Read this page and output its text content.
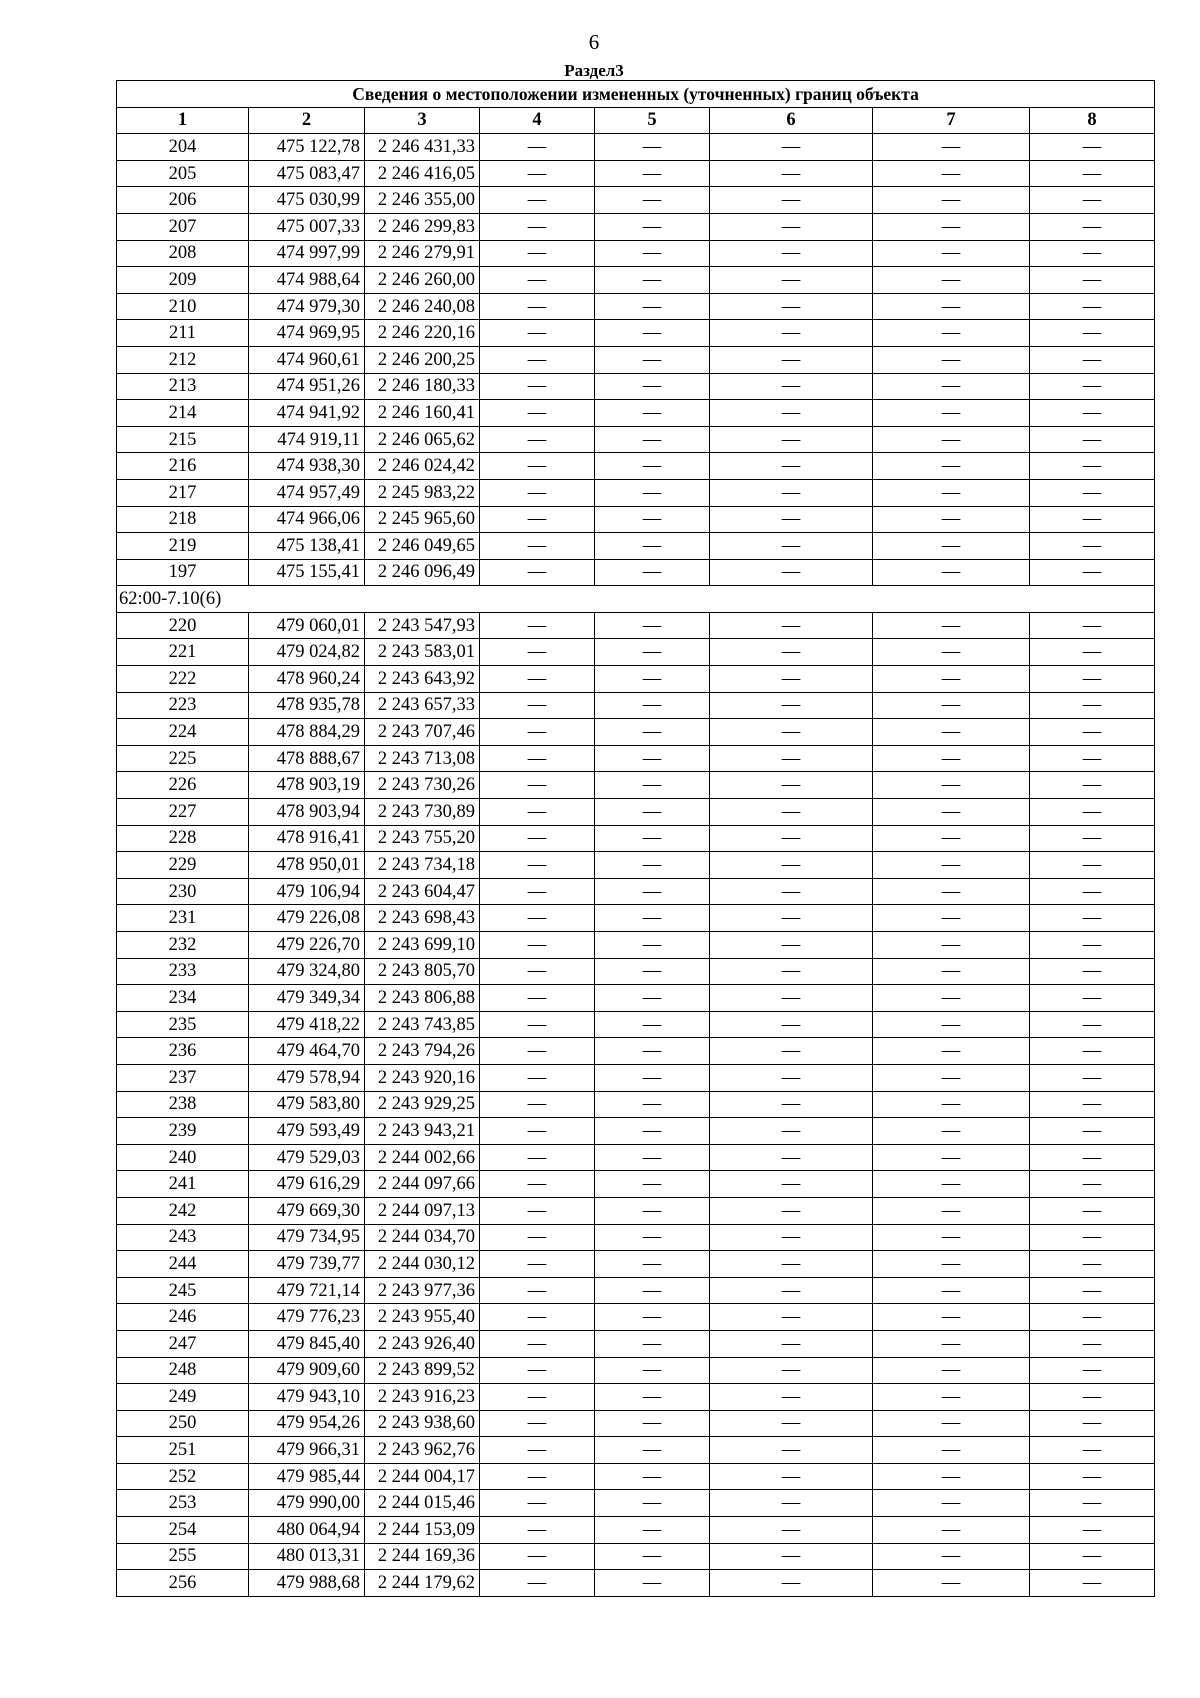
6
Раздел3
Сведения о местоположении измененных (уточненных) границ объекта							
1	2	3	4	5	6	7	8
204	475 122,78	2 246 431,33	—	—	—	—	—
205	475 083,47	2 246 416,05	—	—	—	—	—
206	475 030,99	2 246 355,00	—	—	—	—	—
207	475 007,33	2 246 299,83	—	—	—	—	—
208	474 997,99	2 246 279,91	—	—	—	—	—
209	474 988,64	2 246 260,00	—	—	—	—	—
210	474 979,30	2 246 240,08	—	—	—	—	—
211	474 969,95	2 246 220,16	—	—	—	—	—
212	474 960,61	2 246 200,25	—	—	—	—	—
213	474 951,26	2 246 180,33	—	—	—	—	—
214	474 941,92	2 246 160,41	—	—	—	—	—
215	474 919,11	2 246 065,62	—	—	—	—	—
216	474 938,30	2 246 024,42	—	—	—	—	—
217	474 957,49	2 245 983,22	—	—	—	—	—
218	474 966,06	2 245 965,60	—	—	—	—	—
219	475 138,41	2 246 049,65	—	—	—	—	—
197	475 155,41	2 246 096,49	—	—	—	—	—
62:00-7.10(6)							
220	479 060,01	2 243 547,93	—	—	—	—	—
221	479 024,82	2 243 583,01	—	—	—	—	—
222	478 960,24	2 243 643,92	—	—	—	—	—
223	478 935,78	2 243 657,33	—	—	—	—	—
224	478 884,29	2 243 707,46	—	—	—	—	—
225	478 888,67	2 243 713,08	—	—	—	—	—
226	478 903,19	2 243 730,26	—	—	—	—	—
227	478 903,94	2 243 730,89	—	—	—	—	—
228	478 916,41	2 243 755,20	—	—	—	—	—
229	478 950,01	2 243 734,18	—	—	—	—	—
230	479 106,94	2 243 604,47	—	—	—	—	—
231	479 226,08	2 243 698,43	—	—	—	—	—
232	479 226,70	2 243 699,10	—	—	—	—	—
233	479 324,80	2 243 805,70	—	—	—	—	—
234	479 349,34	2 243 806,88	—	—	—	—	—
235	479 418,22	2 243 743,85	—	—	—	—	—
236	479 464,70	2 243 794,26	—	—	—	—	—
237	479 578,94	2 243 920,16	—	—	—	—	—
238	479 583,80	2 243 929,25	—	—	—	—	—
239	479 593,49	2 243 943,21	—	—	—	—	—
240	479 529,03	2 244 002,66	—	—	—	—	—
241	479 616,29	2 244 097,66	—	—	—	—	—
242	479 669,30	2 244 097,13	—	—	—	—	—
243	479 734,95	2 244 034,70	—	—	—	—	—
244	479 739,77	2 244 030,12	—	—	—	—	—
245	479 721,14	2 243 977,36	—	—	—	—	—
246	479 776,23	2 243 955,40	—	—	—	—	—
247	479 845,40	2 243 926,40	—	—	—	—	—
248	479 909,60	2 243 899,52	—	—	—	—	—
249	479 943,10	2 243 916,23	—	—	—	—	—
250	479 954,26	2 243 938,60	—	—	—	—	—
251	479 966,31	2 243 962,76	—	—	—	—	—
252	479 985,44	2 244 004,17	—	—	—	—	—
253	479 990,00	2 244 015,46	—	—	—	—	—
254	480 064,94	2 244 153,09	—	—	—	—	—
255	480 013,31	2 244 169,36	—	—	—	—	—
256	479 988,68	2 244 179,62	—	—	—	—	—
